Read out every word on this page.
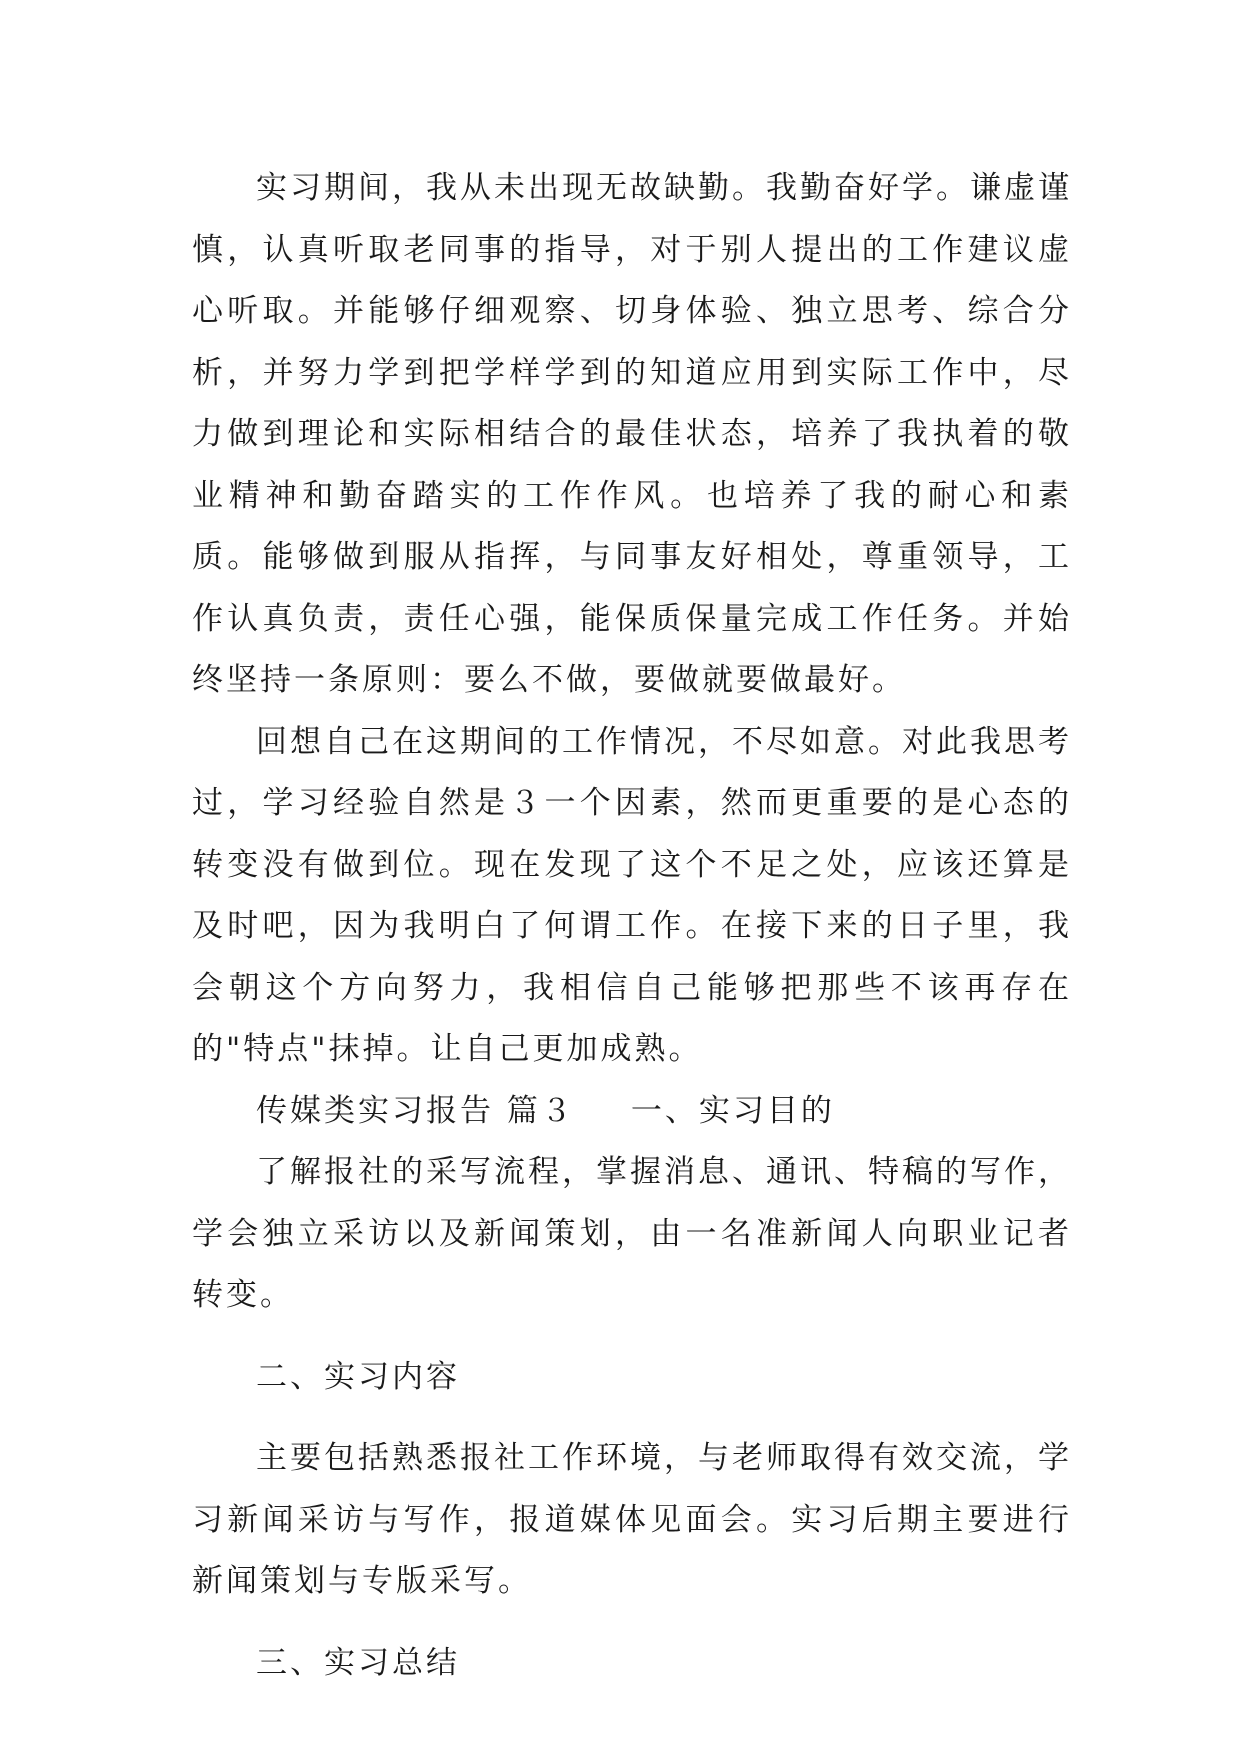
实习期间，我从未出现无故缺勤。我勤奋好学。谦虚谨慎，认真听取老同事的指导，对于别人提出的工作建议虚心听取。并能够仔细观察、切身体验、独立思考、综合分析，并努力学到把学样学到的知道应用到实际工作中，尽力做到理论和实际相结合的最佳状态，培养了我执着的敬业精神和勤奋踏实的工作作风。也培养了我的耐心和素质。能够做到服从指挥，与同事友好相处，尊重领导，工作认真负责，责任心强，能保质保量完成工作任务。并始终坚持一条原则：要么不做，要做就要做最好。

回想自己在这期间的工作情况，不尽如意。对此我思考过，学习经验自然是３一个因素，然而更重要的是心态的转变没有做到位。现在发现了这个不足之处，应该还算是及时吧，因为我明白了何谓工作。在接下来的日子里，我会朝这个方向努力，我相信自己能够把那些不该再存在的"特点"抹掉。让自己更加成熟。

传媒类实习报告 篇３ 一、实习目的

了解报社的采写流程，掌握消息、通讯、特稿的写作，学会独立采访以及新闻策划，由一名准新闻人向职业记者转变。

二、实习内容

主要包括熟悉报社工作环境，与老师取得有效交流，学习新闻采访与写作，报道媒体见面会。实习后期主要进行新闻策划与专版采写。

三、实习总结
